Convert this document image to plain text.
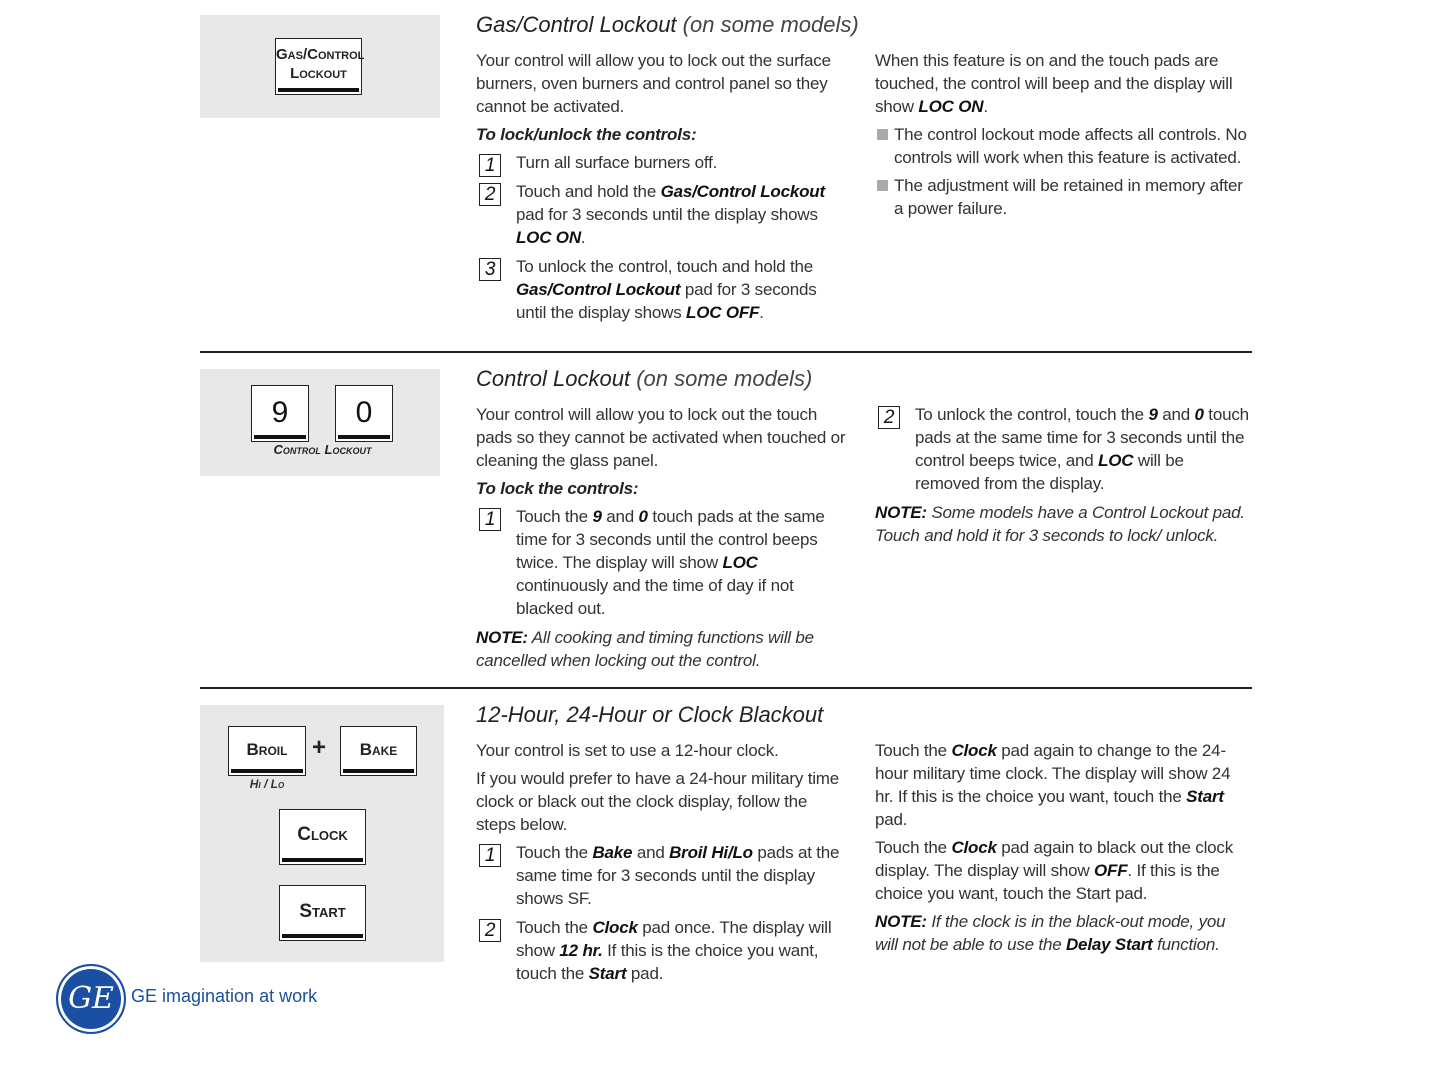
Gas/Control
Lockout
9	0
Control Lockout
Broil
Hi / Lo
+	Bake
Clock
Start
Gas/Control Lockout (on some models)
Your control will allow you to lock out the surface burners, oven burners and control panel so they cannot be activated.
To lock/unlock the controls:
1	Turn all surface burners off.
2	Touch and hold the Gas/Control Lockout pad for 3 seconds until the display shows LOC ON.
3	To unlock the control, touch and hold the Gas/Control Lockout pad for 3 seconds until the display shows LOC OFF.
When this feature is on and the touch pads are touched, the control will beep and the display will show LOC ON.
The control lockout mode affects all controls. No controls will work when this feature is activated.
The adjustment will be retained in memory after a power failure.
Control Lockout (on some models)
Your control will allow you to lock out the touch pads so they cannot be activated when touched or cleaning the glass panel.
To lock the controls:
1	Touch the 9 and 0 touch pads at the same time for 3 seconds until the control beeps twice. The display will show LOC continuously and the time of day if not blacked out.
NOTE: All cooking and timing functions will be cancelled when locking out the control.
2	To unlock the control, touch the 9 and 0 touch pads at the same time for 3 seconds until the control beeps twice, and LOC will be removed from the display.
NOTE: Some models have a Control Lockout pad. Touch and hold it for 3 seconds to lock/ unlock.
12-Hour, 24-Hour or Clock Blackout
Your control is set to use a 12-hour clock.
If you would prefer to have a 24-hour military time clock or black out the clock display, follow the steps below.
1	Touch the Bake and Broil Hi/Lo pads at the same time for 3 seconds until the display shows SF.
2	Touch the Clock pad once. The display will show 12 hr. If this is the choice you want, touch the Start pad.
Touch the Clock pad again to change to the 24-hour military time clock. The display will show 24 hr. If this is the choice you want, touch the Start pad.
Touch the Clock pad again to black out the clock display. The display will show OFF. If this is the choice you want, touch the Start pad.
NOTE: If the clock is in the black-out mode, you will not be able to use the Delay Start function.
GE GE imagination at work
